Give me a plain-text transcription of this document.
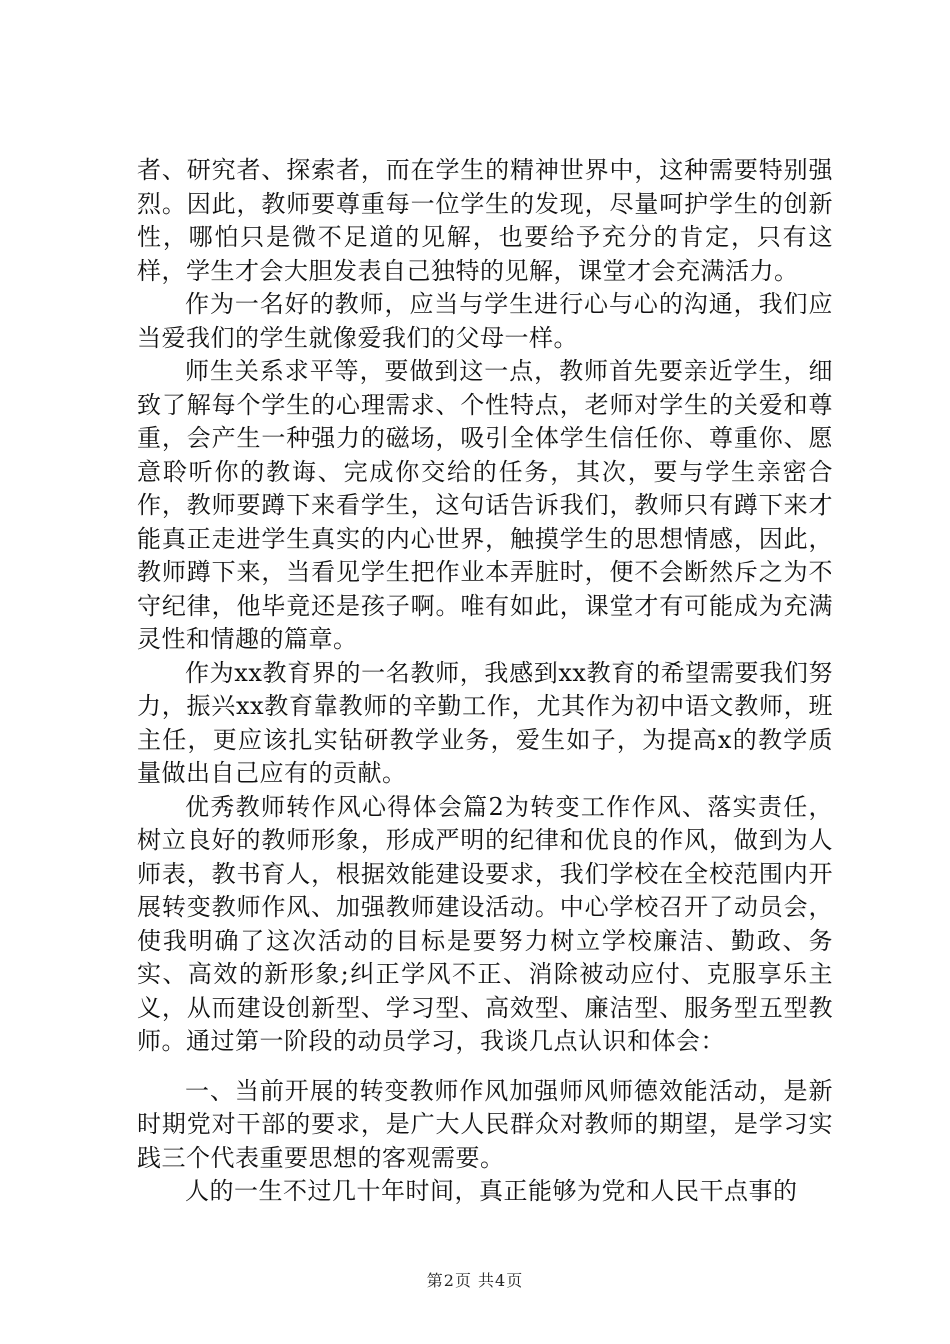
者、研究者、探索者，而在学生的精神世界中，这种需要特别强烈。因此，教师要尊重每一位学生的发现，尽量呵护学生的创新性，哪怕只是微不足道的见解，也要给予充分的肯定，只有这样，学生才会大胆发表自己独特的见解，课堂才会充满活力。

作为一名好的教师，应当与学生进行心与心的沟通，我们应当爱我们的学生就像爱我们的父母一样。

师生关系求平等，要做到这一点，教师首先要亲近学生，细致了解每个学生的心理需求、个性特点，老师对学生的关爱和尊重，会产生一种强力的磁场，吸引全体学生信任你、尊重你、愿意聆听你的教诲、完成你交给的任务，其次，要与学生亲密合作，教师要蹲下来看学生，这句话告诉我们，教师只有蹲下来才能真正走进学生真实的内心世界，触摸学生的思想情感，因此，教师蹲下来，当看见学生把作业本弄脏时，便不会断然斥之为不守纪律，他毕竟还是孩子啊。唯有如此，课堂才有可能成为充满灵性和情趣的篇章。

作为xx教育界的一名教师，我感到xx教育的希望需要我们努力，振兴xx教育靠教师的辛勤工作，尤其作为初中语文教师，班主任，更应该扎实钻研教学业务，爱生如子，为提高x的教学质量做出自己应有的贡献。

优秀教师转作风心得体会篇2为转变工作作风、落实责任，树立良好的教师形象，形成严明的纪律和优良的作风，做到为人师表，教书育人，根据效能建设要求，我们学校在全校范围内开展转变教师作风、加强教师建设活动。中心学校召开了动员会，使我明确了这次活动的目标是要努力树立学校廉洁、勤政、务实、高效的新形象;纠正学风不正、消除被动应付、克服享乐主义，从而建设创新型、学习型、高效型、廉洁型、服务型五型教师。通过第一阶段的动员学习，我谈几点认识和体会：

一、当前开展的转变教师作风加强师风师德效能活动，是新时期党对干部的要求，是广大人民群众对教师的期望，是学习实践三个代表重要思想的客观需要。

人的一生不过几十年时间，真正能够为党和人民干点事的

第2页 共4页
